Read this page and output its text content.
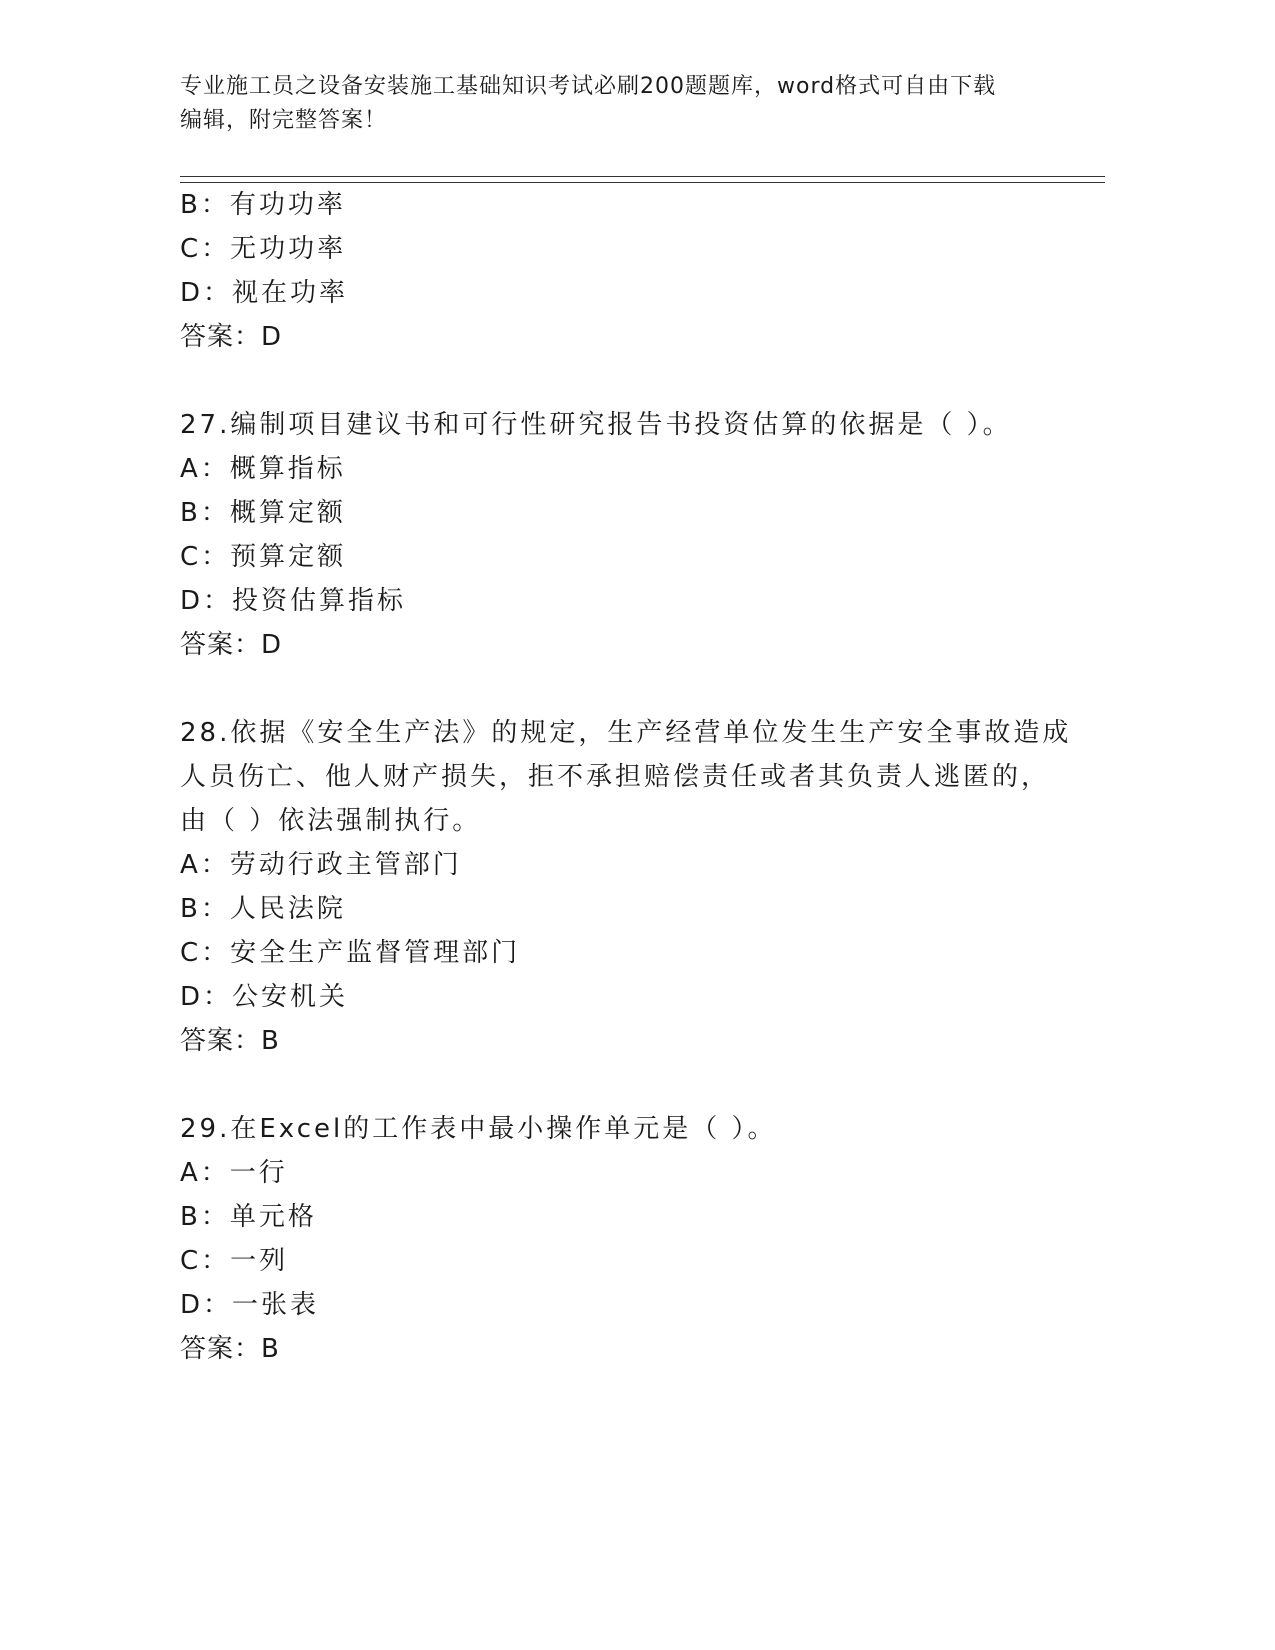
专业施工员之设备安装施工基础知识考试必刷200题题库，word格式可自由下载
编辑，附完整答案！
B：有功功率
C：无功功率
D：视在功率
答案：D
27.编制项目建议书和可行性研究报告书投资估算的依据是（ ）。
A：概算指标
B：概算定额
C：预算定额
D：投资估算指标
答案：D
28.依据《安全生产法》的规定，生产经营单位发生生产安全事故造成
人员伤亡、他人财产损失，拒不承担赔偿责任或者其负责人逃匿的，
由（ ）依法强制执行。
A：劳动行政主管部门
B：人民法院
C：安全生产监督管理部门
D：公安机关
答案：B
29.在Excel的工作表中最小操作单元是（ ）。
A：一行
B：单元格
C：一列
D：一张表
答案：B
